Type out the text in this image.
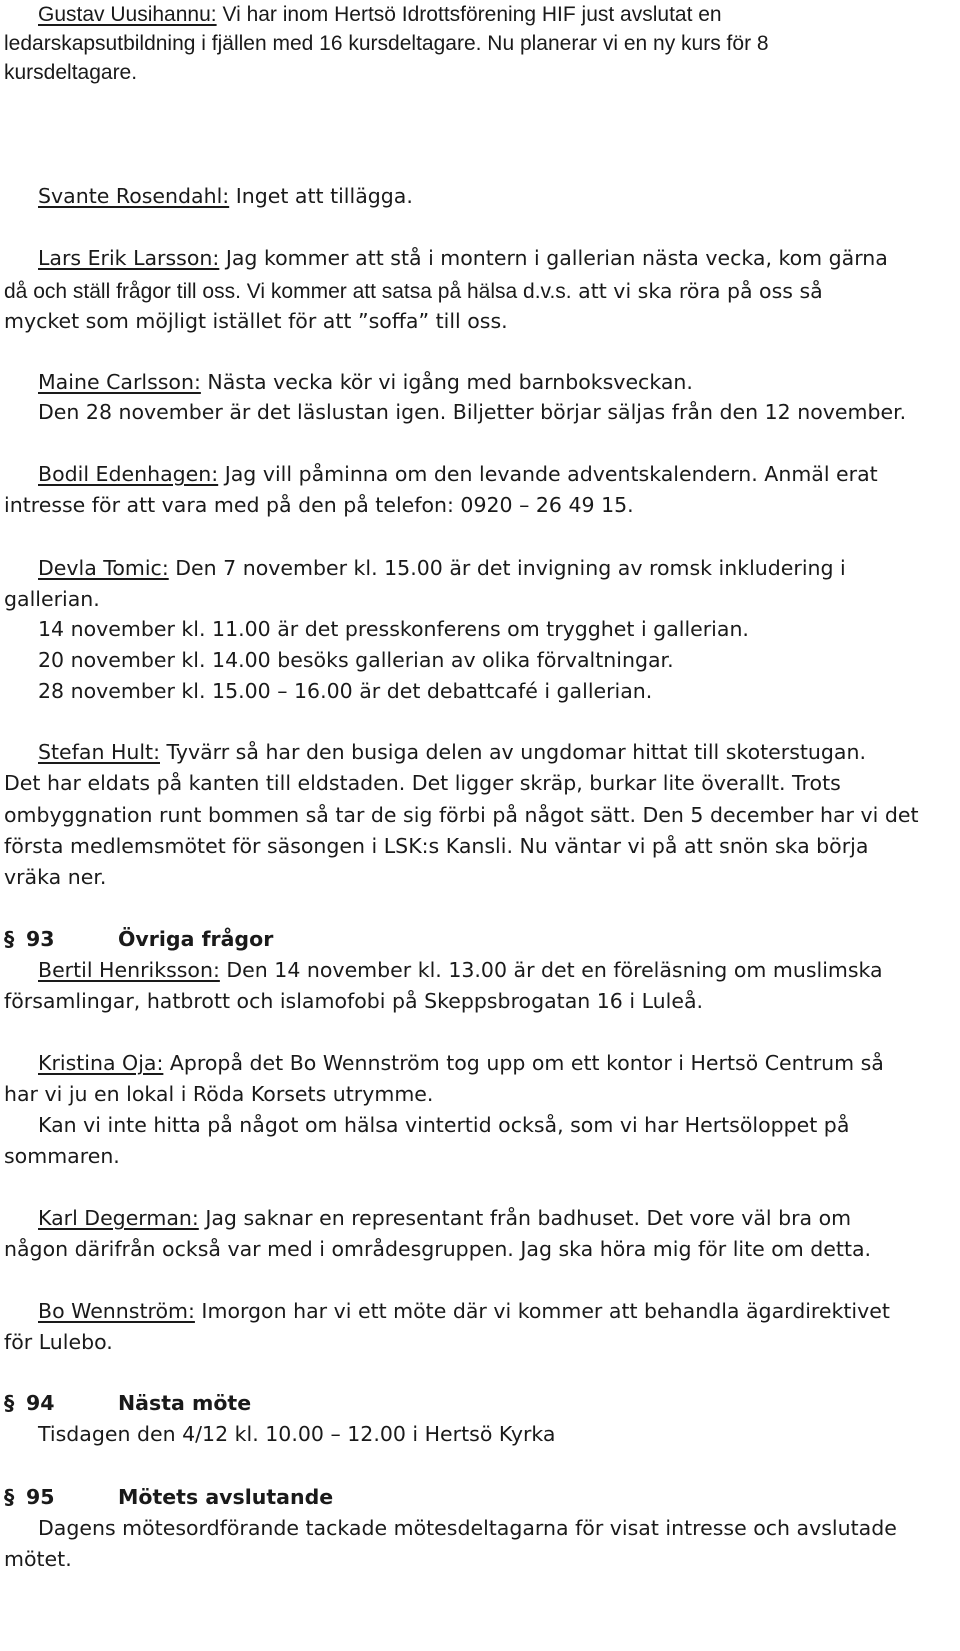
Gustav Uusihannu: Vi har inom Hertsö Idrottsförening HIF just avslutat en

ledarskapsutbildning i fjällen med 16 kursdeltagare. Nu planerar vi en ny kurs för 8

kursdeltagare.

Svante Rosendahl: Inget att tillägga.

Lars Erik Larsson: Jag kommer att stå i montern i gallerian nästa vecka, kom gärna

då och ställ frågor till oss. Vi kommer att satsa på hälsa d.v.s. att vi ska röra på oss så

mycket som möjligt istället för att ”soffa” till oss.

Maine Carlsson: Nästa vecka kör vi igång med barnboksveckan.

Den 28 november är det läslustan igen. Biljetter börjar säljas från den 12 november.

Bodil Edenhagen: Jag vill påminna om den levande adventskalendern. Anmäl erat

intresse för att vara med på den på telefon: 0920 – 26 49 15.

Devla Tomic: Den 7 november kl. 15.00 är det invigning av romsk inkludering i

gallerian.

14 november kl. 11.00 är det presskonferens om trygghet i gallerian.

20 november kl. 14.00 besöks gallerian av olika förvaltningar.

28 november kl. 15.00 – 16.00 är det debattcafé i gallerian.

Stefan Hult: Tyvärr så har den busiga delen av ungdomar hittat till skoterstugan.

Det har eldats på kanten till eldstaden. Det ligger skräp, burkar lite överallt. Trots

ombyggnation runt bommen så tar de sig förbi på något sätt. Den 5 december har vi det

första medlemsmötet för säsongen i LSK:s Kansli. Nu väntar vi på att snön ska börja

vräka ner.

§ 93	Övriga frågor

Bertil Henriksson: Den 14 november kl. 13.00 är det en föreläsning om muslimska

församlingar, hatbrott och islamofobi på Skeppsbrogatan 16 i Luleå.

Kristina Oja: Apropå det Bo Wennström tog upp om ett kontor i Hertsö Centrum så

har vi ju en lokal i Röda Korsets utrymme.

Kan vi inte hitta på något om hälsa vintertid också, som vi har Hertsöloppet på

sommaren.

Karl Degerman: Jag saknar en representant från badhuset. Det vore väl bra om

någon därifrån också var med i områdesgruppen. Jag ska höra mig för lite om detta.

Bo Wennström: Imorgon har vi ett möte där vi kommer att behandla ägardirektivet

för Lulebo.

§ 94	Nästa möte

Tisdagen den 4/12 kl. 10.00 – 12.00 i Hertsö Kyrka

§ 95	Mötets avslutande

Dagens mötesordförande tackade mötesdeltagarna för visat intresse och avslutade

mötet.
